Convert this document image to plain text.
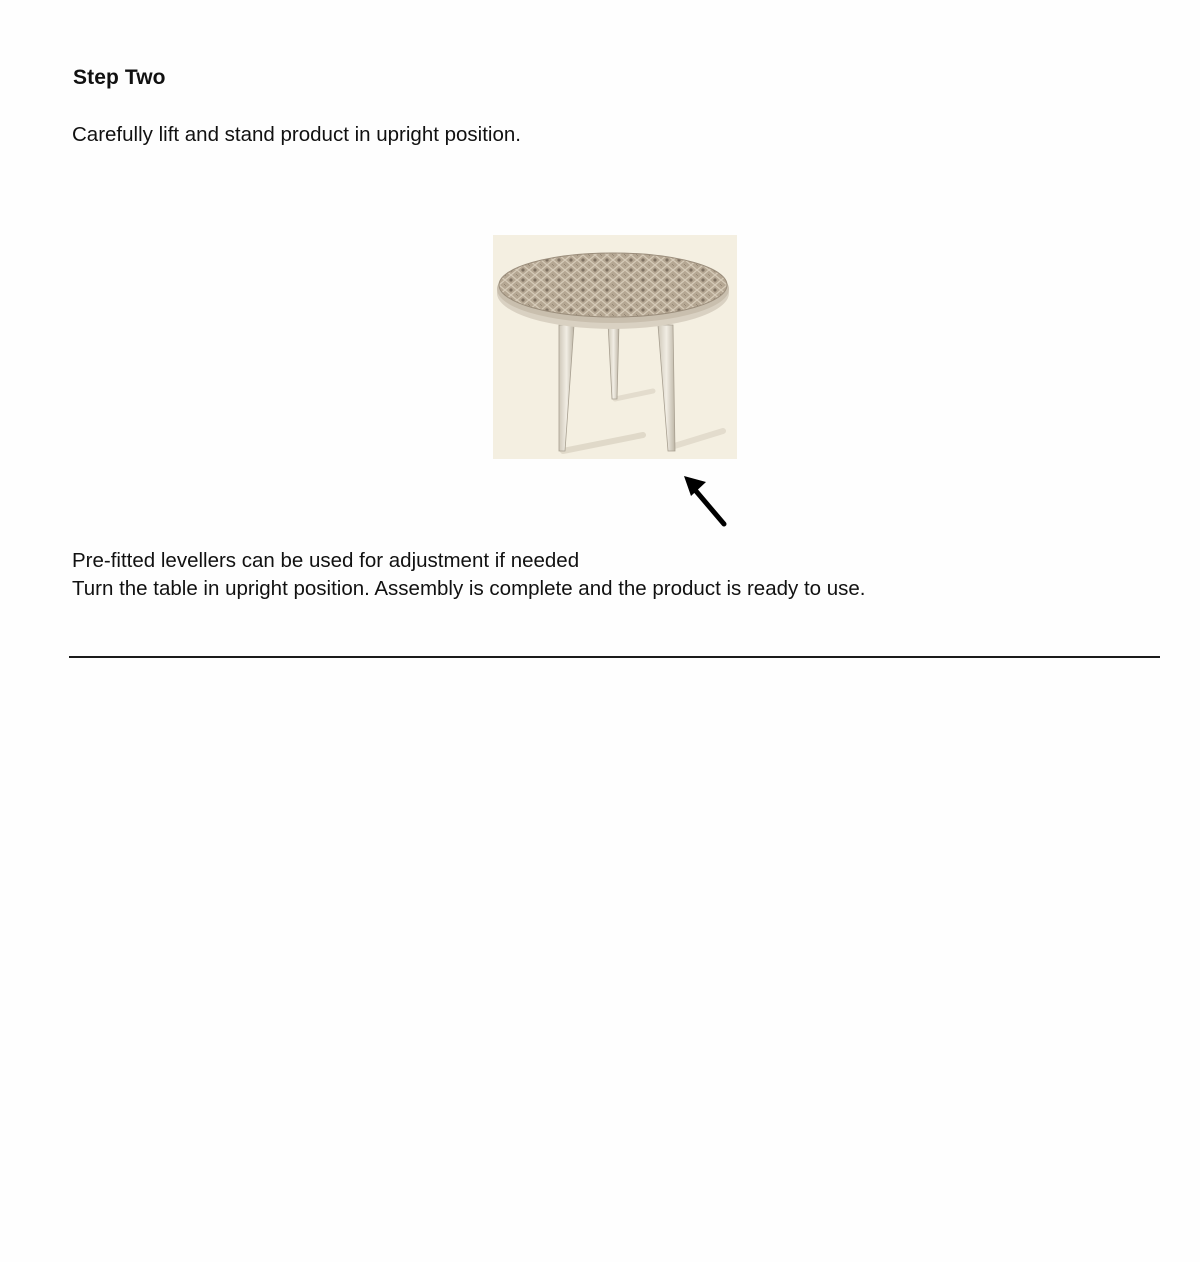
Step Two
Carefully lift and stand product in upright position.
Pre-fitted levellers can be used for adjustment if needed
Turn the table in upright position. Assembly is complete and the product is ready to use.
